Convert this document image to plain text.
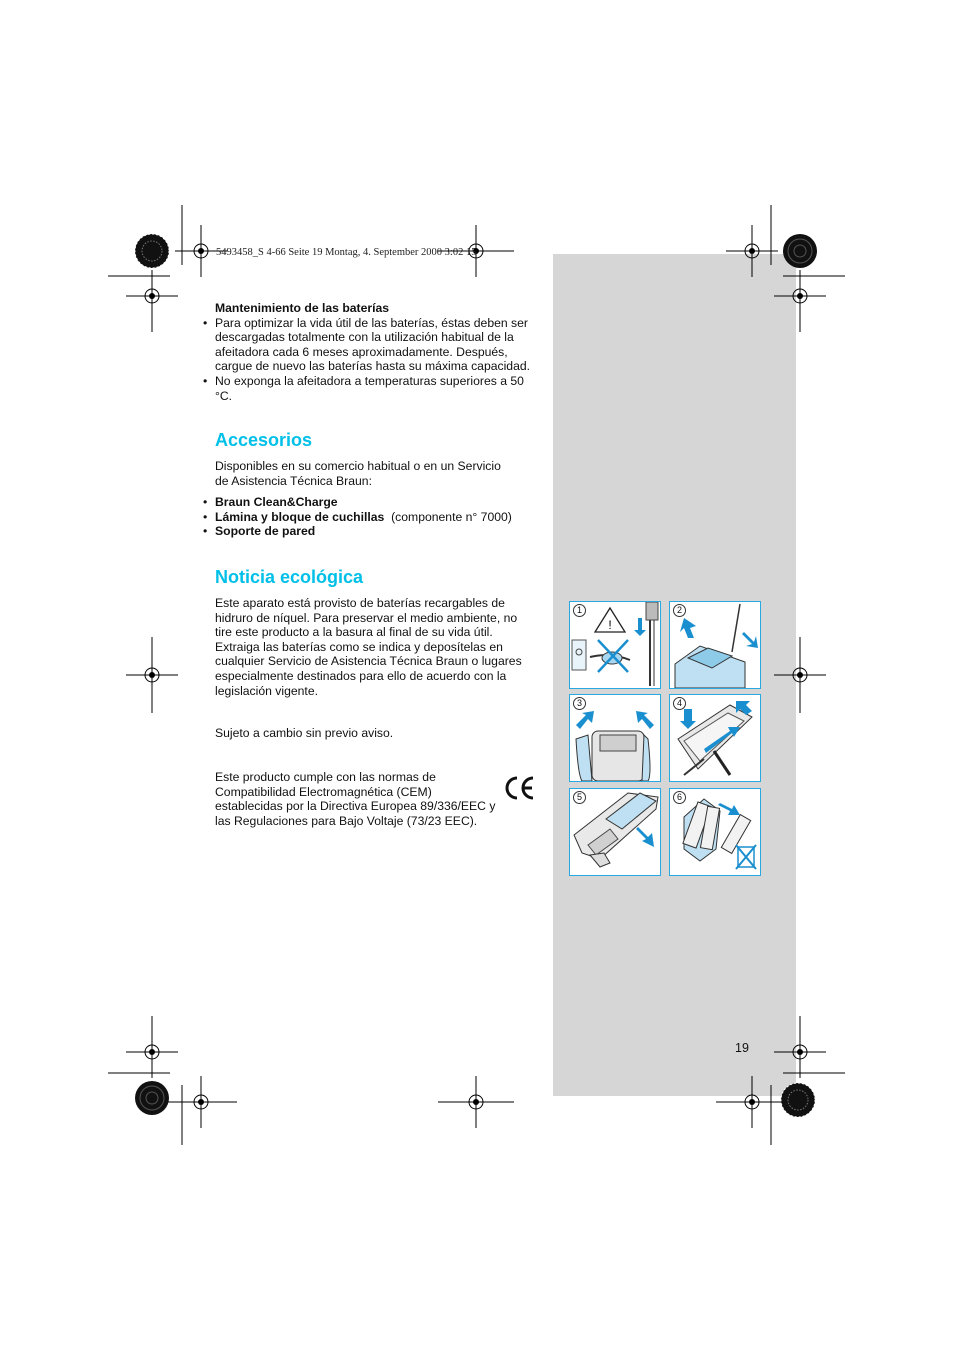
5493458_S 4-66 Seite 19 Montag, 4. September 2000 3:02 15
Mantenimiento de las baterías
• Para optimizar la vida útil de las baterías, éstas deben ser descargadas totalmente con la utilización habitual de la afeitadora cada 6 meses aproximadamente. Después, cargue de nuevo las baterías hasta su máxima capacidad.
• No exponga la afeitadora a temperaturas superiores a 50 °C.
Accesorios
Disponibles en su comercio habitual o en un Servicio de Asistencia Técnica Braun:
• Braun Clean&Charge
• Lámina y bloque de cuchillas (componente n° 7000)
• Soporte de pared
Noticia ecológica
Este aparato está provisto de baterías recargables de hidruro de níquel. Para preservar el medio ambiente, no tire este producto a la basura al final de su vida útil. Extraiga las baterías como se indica y deposítelas en cualquier Servicio de Asistencia Técnica Braun o lugares especialmente destinados para ello de acuerdo con la legislación vigente.
Sujeto a cambio sin previo aviso.
Este producto cumple con las normas de Compatibilidad Electromagnética (CEM) establecidas por la Directiva Europea 89/336/EEC y las Regulaciones para Bajo Voltaje (73/23 EEC).
1
!
2
3	4
5	6
19
